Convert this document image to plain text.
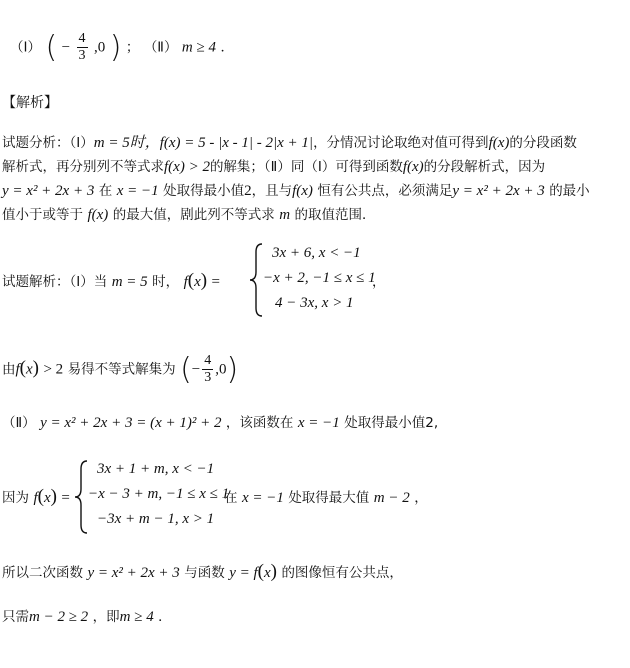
（Ⅰ） ( − $\frac{4}{3} ,0$ ) ； （Ⅱ） m ≥ 4 ．
【解析】
试题分析：（Ⅰ）m = 5时，f(x) = 5 - |x - 1| - 2|x + 1|，分情况讨论取绝对值可得到f(x)的分段函数
解析式，再分别列不等式求f(x) > 2的解集；（Ⅱ）同（Ⅰ）可得到函数f(x)的分段解析式，因为
y = x² + 2x + 3 在 x = −1 处取得最小值2，且与f(x) 恒有公共点，必须满足y = x² + 2x + 3 的最小
值小于或等于 f(x) 的最大值，剧此列不等式求 m 的取值范围．
试题解析：（Ⅰ）当 m = 5 时， f(x) =
3x + 6, x < −1
−x + 2, −1 ≤ x ≤ 1
4 − 3x, x > 1
，
由f(x) > 2 易得不等式解集为 (− $\frac{4}{3} ,0$)
（Ⅱ） y = x² + 2x + 3 = (x + 1)² + 2 ，该函数在 x = −1 处取得最小值2,
因为 f(x) =
3x + 1 + m, x < −1
−x − 3 + m, −1 ≤ x ≤ 1
−3x + m − 1, x > 1
在 x = −1 处取得最大值 m − 2 ，
所以二次函数 y = x² + 2x + 3 与函数 y = f(x) 的图像恒有公共点，
只需m − 2 ≥ 2 ，即m ≥ 4 ．
